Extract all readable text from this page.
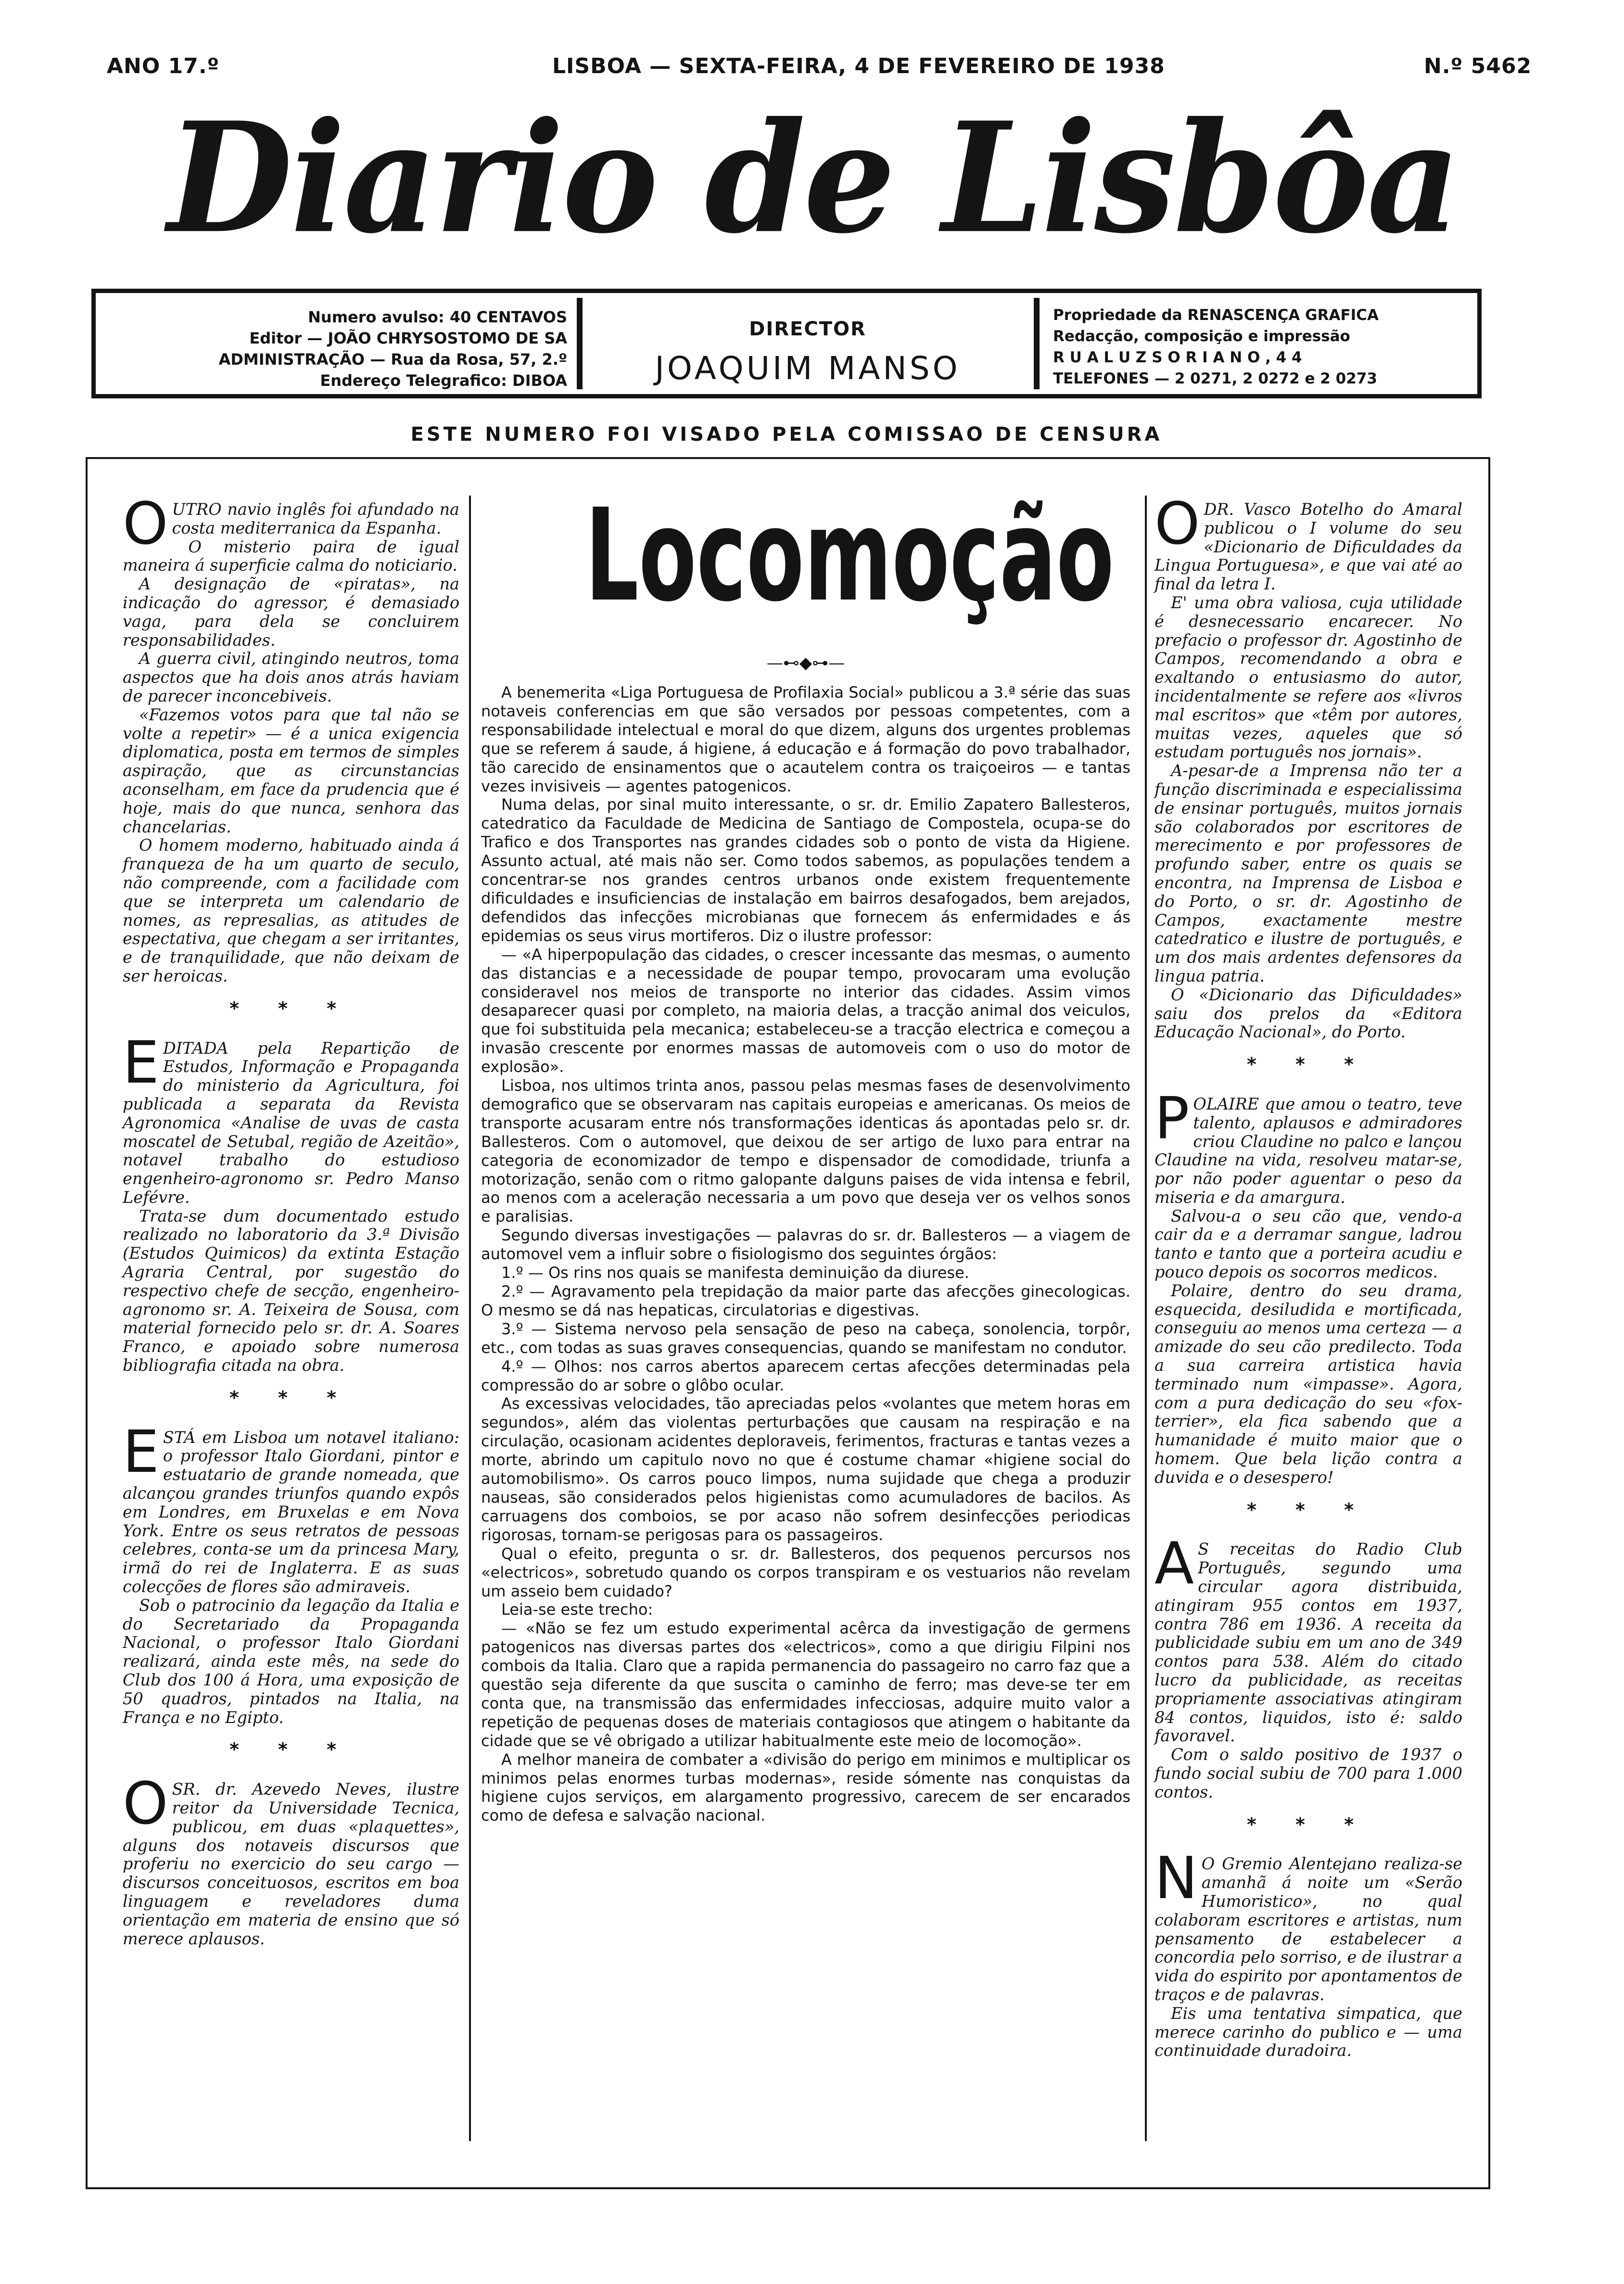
ANO 17.º	LISBOA — SEXTA-FEIRA, 4 DE FEVEREIRO DE 1938	N.º 5462
Diario de Lisbôa
Numero avulso: 40 CENTAVOS
Editor — JOÃO CHRYSOSTOMO DE SA
ADMINISTRAÇÃO — Rua da Rosa, 57, 2.º
Endereço Telegrafico: DIBOA
DIRECTOR
JOAQUIM MANSO
Propriedade da RENASCENÇA GRAFICA
Redacção, composição e impressão
R U A L U Z S O R I A N O , 4 4
TELEFONES — 2 0271, 2 0272 e 2 0273
ESTE NUMERO FOI VISADO PELA COMISSAO DE CENSURA
O UTRO navio inglês foi afundado na costa mediterranica da Espanha.

O misterio paira de igual maneira á superficie calma do noticiario.

A designação de «piratas», na indicação do agressor, é demasiado vaga, para dela se concluirem responsabilidades.

A guerra civil, atingindo neutros, toma aspectos que ha dois anos atrás haviam de parecer inconcebiveis.

«Fazemos votos para que tal não se volte a repetir» — é a unica exigencia diplomatica, posta em termos de simples aspiração, que as circunstancias aconselham, em face da prudencia que é hoje, mais do que nunca, senhora das chancelarias.

O homem moderno, habituado ainda á franqueza de ha um quarto de seculo, não compreende, com a facilidade com que se interpreta um calendario de nomes, as represalias, as atitudes de espectativa, que chegam a ser irritantes, e de tranquilidade, que não deixam de ser heroicas.

* * *
E DITADA pela Repartição de Estudos, Informação e Propaganda do ministerio da Agricultura, foi publicada a separata da Revista Agronomica «Analise de uvas de casta moscatel de Setubal, região de Azeitão», notavel trabalho do estudioso engenheiro-agronomo sr. Pedro Manso Lefévre.

Trata-se dum documentado estudo realizado no laboratorio da 3.ª Divisão (Estudos Quimicos) da extinta Estação Agraria Central, por sugestão do respectivo chefe de secção, engenheiro-agronomo sr. A. Teixeira de Sousa, com material fornecido pelo sr. dr. A. Soares Franco, e apoiado sobre numerosa bibliografia citada na obra.

* * *
E STÁ em Lisboa um notavel italiano: o professor Italo Giordani, pintor e estuatario de grande nomeada, que alcançou grandes triunfos quando expôs em Londres, em Bruxelas e em Nova York. Entre os seus retratos de pessoas celebres, conta-se um da princesa Mary, irmã do rei de Inglaterra. E as suas colecções de flores são admiraveis.

Sob o patrocinio da legação da Italia e do Secretariado da Propaganda Nacional, o professor Italo Giordani realizará, ainda este mês, na sede do Club dos 100 á Hora, uma exposição de 50 quadros, pintados na Italia, na França e no Egipto.

* * *
O SR. dr. Azevedo Neves, ilustre reitor da Universidade Tecnica, publicou, em duas «plaquettes», alguns dos notaveis discursos que proferiu no exercicio do seu cargo — discursos conceituosos, escritos em boa linguagem e reveladores duma orientação em materia de ensino que só merece aplausos.

Locomoção
—⊷◆⊶—

A benemerita «Liga Portuguesa de Profilaxia Social» publicou a 3.ª série das suas notaveis conferencias em que são versados por pessoas competentes, com a responsabilidade intelectual e moral do que dizem, alguns dos urgentes problemas que se referem á saude, á higiene, á educação e á formação do povo trabalhador, tão carecido de ensinamentos que o acautelem contra os traiçoeiros — e tantas vezes invisiveis — agentes patogenicos.

Numa delas, por sinal muito interessante, o sr. dr. Emilio Zapatero Ballesteros, catedratico da Faculdade de Medicina de Santiago de Compostela, ocupa-se do Trafico e dos Transportes nas grandes cidades sob o ponto de vista da Higiene. Assunto actual, até mais não ser. Como todos sabemos, as populações tendem a concentrar-se nos grandes centros urbanos onde existem frequentemente dificuldades e insuficiencias de instalação em bairros desafogados, bem arejados, defendidos das infecções microbianas que fornecem ás enfermidades e ás epidemias os seus virus mortiferos. Diz o ilustre professor:

— «A hiperpopulação das cidades, o crescer incessante das mesmas, o aumento das distancias e a necessidade de poupar tempo, provocaram uma evolução consideravel nos meios de transporte no interior das cidades. Assim vimos desaparecer quasi por completo, na maioria delas, a tracção animal dos veiculos, que foi substituida pela mecanica; estabeleceu-se a tracção electrica e começou a invasão crescente por enormes massas de automoveis com o uso do motor de explosão».

Lisboa, nos ultimos trinta anos, passou pelas mesmas fases de desenvolvimento demografico que se observaram nas capitais europeias e americanas. Os meios de transporte acusaram entre nós transformações identicas ás apontadas pelo sr. dr. Ballesteros. Com o automovel, que deixou de ser artigo de luxo para entrar na categoria de economizador de tempo e dispensador de comodidade, triunfa a motorização, senão com o ritmo galopante dalguns paises de vida intensa e febril, ao menos com a aceleração necessaria a um povo que deseja ver os velhos sonos e paralisias.

Segundo diversas investigações — palavras do sr. dr. Ballesteros — a viagem de automovel vem a influir sobre o fisiologismo dos seguintes órgãos:

1.º — Os rins nos quais se manifesta deminuição da diurese.

2.º — Agravamento pela trepidação da maior parte das afecções ginecologicas. O mesmo se dá nas hepaticas, circulatorias e digestivas.

3.º — Sistema nervoso pela sensação de peso na cabeça, sonolencia, torpôr, etc., com todas as suas graves consequencias, quando se manifestam no condutor.

4.º — Olhos: nos carros abertos aparecem certas afecções determinadas pela compressão do ar sobre o glôbo ocular.

As excessivas velocidades, tão apreciadas pelos «volantes que metem horas em segundos», além das violentas perturbações que causam na respiração e na circulação, ocasionam acidentes deploraveis, ferimentos, fracturas e tantas vezes a morte, abrindo um capitulo novo no que é costume chamar «higiene social do automobilismo». Os carros pouco limpos, numa sujidade que chega a produzir nauseas, são considerados pelos higienistas como acumuladores de bacilos. As carruagens dos comboios, se por acaso não sofrem desinfecções periodicas rigorosas, tornam-se perigosas para os passageiros.

Qual o efeito, pregunta o sr. dr. Ballesteros, dos pequenos percursos nos «electricos», sobretudo quando os corpos transpiram e os vestuarios não revelam um asseio bem cuidado?

Leia-se este trecho:

— «Não se fez um estudo experimental acêrca da investigação de germens patogenicos nas diversas partes dos «electricos», como a que dirigiu Filpini nos combois da Italia. Claro que a rapida permanencia do passageiro no carro faz que a questão seja diferente da que suscita o caminho de ferro; mas deve-se ter em conta que, na transmissão das enfermidades infecciosas, adquire muito valor a repetição de pequenas doses de materiais contagiosos que atingem o habitante da cidade que se vê obrigado a utilizar habitualmente este meio de locomoção».

A melhor maneira de combater a «divisão do perigo em minimos e multiplicar os minimos pelas enormes turbas modernas», reside sómente nas conquistas da higiene cujos serviços, em alargamento progressivo, carecem de ser encarados como de defesa e salvação nacional.

O DR. Vasco Botelho do Amaral publicou o I volume do seu «Dicionario de Dificuldades da Lingua Portuguesa», e que vai até ao final da letra I.

E' uma obra valiosa, cuja utilidade é desnecessario encarecer. No prefacio o professor dr. Agostinho de Campos, recomendando a obra e exaltando o entusiasmo do autor, incidentalmente se refere aos «livros mal escritos» que «têm por autores, muitas vezes, aqueles que só estudam português nos jornais».

A-pesar-de a Imprensa não ter a função discriminada e especialissima de ensinar português, muitos jornais são colaborados por escritores de merecimento e por professores de profundo saber, entre os quais se encontra, na Imprensa de Lisboa e do Porto, o sr. dr. Agostinho de Campos, exactamente mestre catedratico e ilustre de português, e um dos mais ardentes defensores da lingua patria.

O «Dicionario das Dificuldades» saiu dos prelos da «Editora Educação Nacional», do Porto.

* * *
P OLAIRE que amou o teatro, teve talento, aplausos e admiradores criou Claudine no palco e lançou Claudine na vida, resolveu matar-se, por não poder aguentar o peso da miseria e da amargura.

Salvou-a o seu cão que, vendo-a cair da e a derramar sangue, ladrou tanto e tanto que a porteira acudiu e pouco depois os socorros medicos.

Polaire, dentro do seu drama, esquecida, desiludida e mortificada, conseguiu ao menos uma certeza — a amizade do seu cão predilecto. Toda a sua carreira artistica havia terminado num «impasse». Agora, com a pura dedicação do seu «fox-terrier», ela fica sabendo que a humanidade é muito maior que o homem. Que bela lição contra a duvida e o desespero!

* * *
A S receitas do Radio Club Português, segundo uma circular agora distribuida, atingiram 955 contos em 1937, contra 786 em 1936. A receita da publicidade subiu em um ano de 349 contos para 538. Além do citado lucro da publicidade, as receitas propriamente associativas atingiram 84 contos, liquidos, isto é: saldo favoravel.

Com o saldo positivo de 1937 o fundo social subiu de 700 para 1.000 contos.

* * *
N O Gremio Alentejano realiza-se amanhã á noite um «Serão Humoristico», no qual colaboram escritores e artistas, num pensamento de estabelecer a concordia pelo sorriso, e de ilustrar a vida do espirito por apontamentos de traços e de palavras.

Eis uma tentativa simpatica, que merece carinho do publico e — uma continuidade duradoira.
